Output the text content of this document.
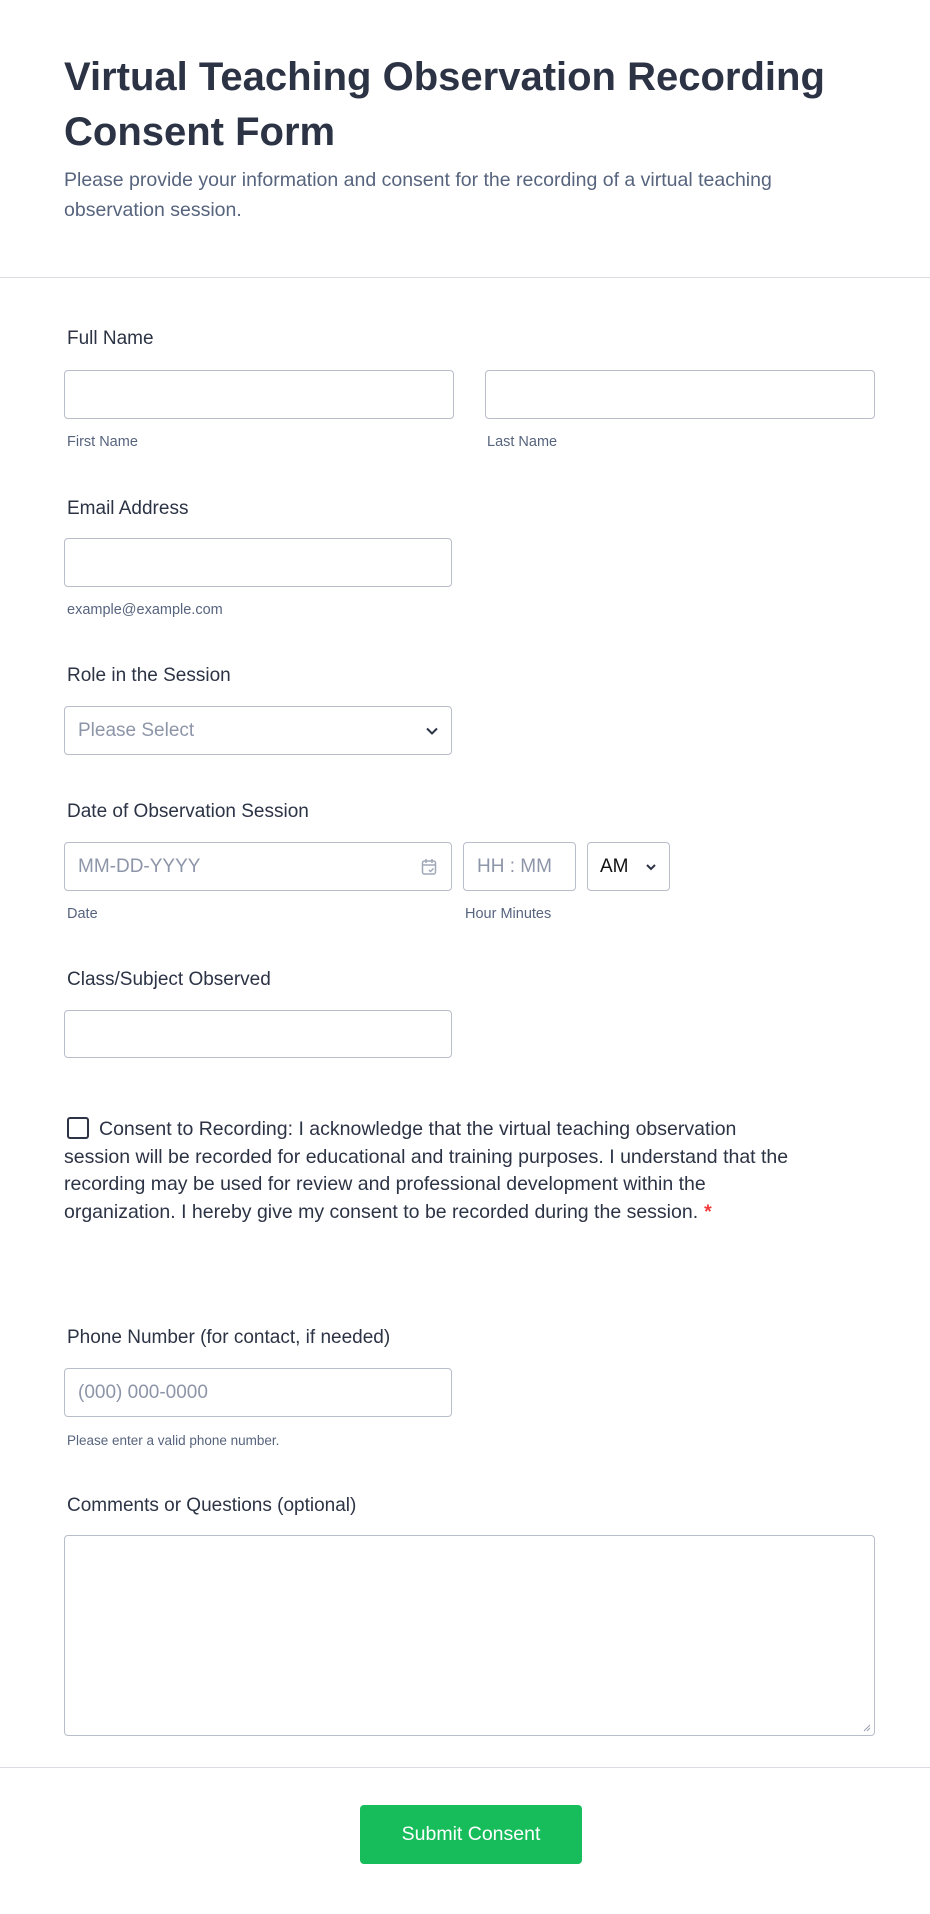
Virtual Teaching Observation Recording Consent Form
Please provide your information and consent for the recording of a virtual teaching observation session.
Full Name
First Name	Last Name
Email Address
example@example.com
Role in the Session
Please Select
Date of Observation Session
MM-DD-YYYY	HH : MM	AM
Date	Hour Minutes
Class/Subject Observed
Consent to Recording: I acknowledge that the virtual teaching observation session will be recorded for educational and training purposes. I understand that the recording may be used for review and professional development within the organization. I hereby give my consent to be recorded during the session. *
Phone Number (for contact, if needed)
(000) 000-0000
Please enter a valid phone number.
Comments or Questions (optional)
Submit Consent
